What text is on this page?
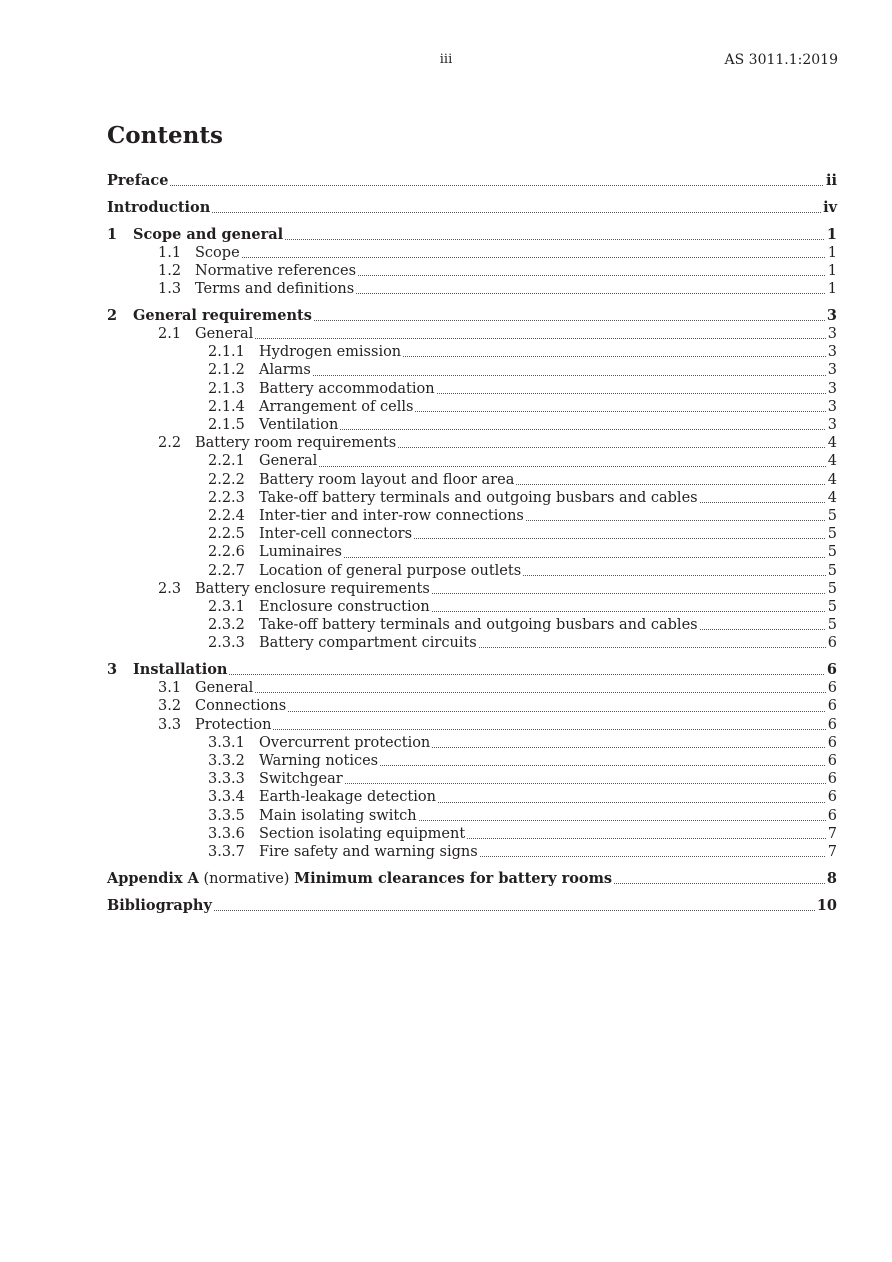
iii	AS 3011.1:2019
Contents
Preface	ii
Introduction	iv
1	Scope and general	1
1.1 Scope	1
1.2 Normative references	1
1.3 Terms and definitions	1
2	General requirements	3
2.1 General	3
2.1.1 Hydrogen emission	3
2.1.2 Alarms	3
2.1.3 Battery accommodation	3
2.1.4 Arrangement of cells	3
2.1.5 Ventilation	3
2.2 Battery room requirements	4
2.2.1 General	4
2.2.2 Battery room layout and floor area	4
2.2.3 Take-off battery terminals and outgoing busbars and cables	4
2.2.4 Inter-tier and inter-row connections	5
2.2.5 Inter-cell connectors	5
2.2.6 Luminaires	5
2.2.7 Location of general purpose outlets	5
2.3 Battery enclosure requirements	5
2.3.1 Enclosure construction	5
2.3.2 Take-off battery terminals and outgoing busbars and cables	5
2.3.3 Battery compartment circuits	6
3	Installation	6
3.1 General	6
3.2 Connections	6
3.3 Protection	6
3.3.1 Overcurrent protection	6
3.3.2 Warning notices	6
3.3.3 Switchgear	6
3.3.4 Earth-leakage detection	6
3.3.5 Main isolating switch	6
3.3.6 Section isolating equipment	7
3.3.7 Fire safety and warning signs	7
Appendix A (normative) Minimum clearances for battery rooms	8
Bibliography	10
